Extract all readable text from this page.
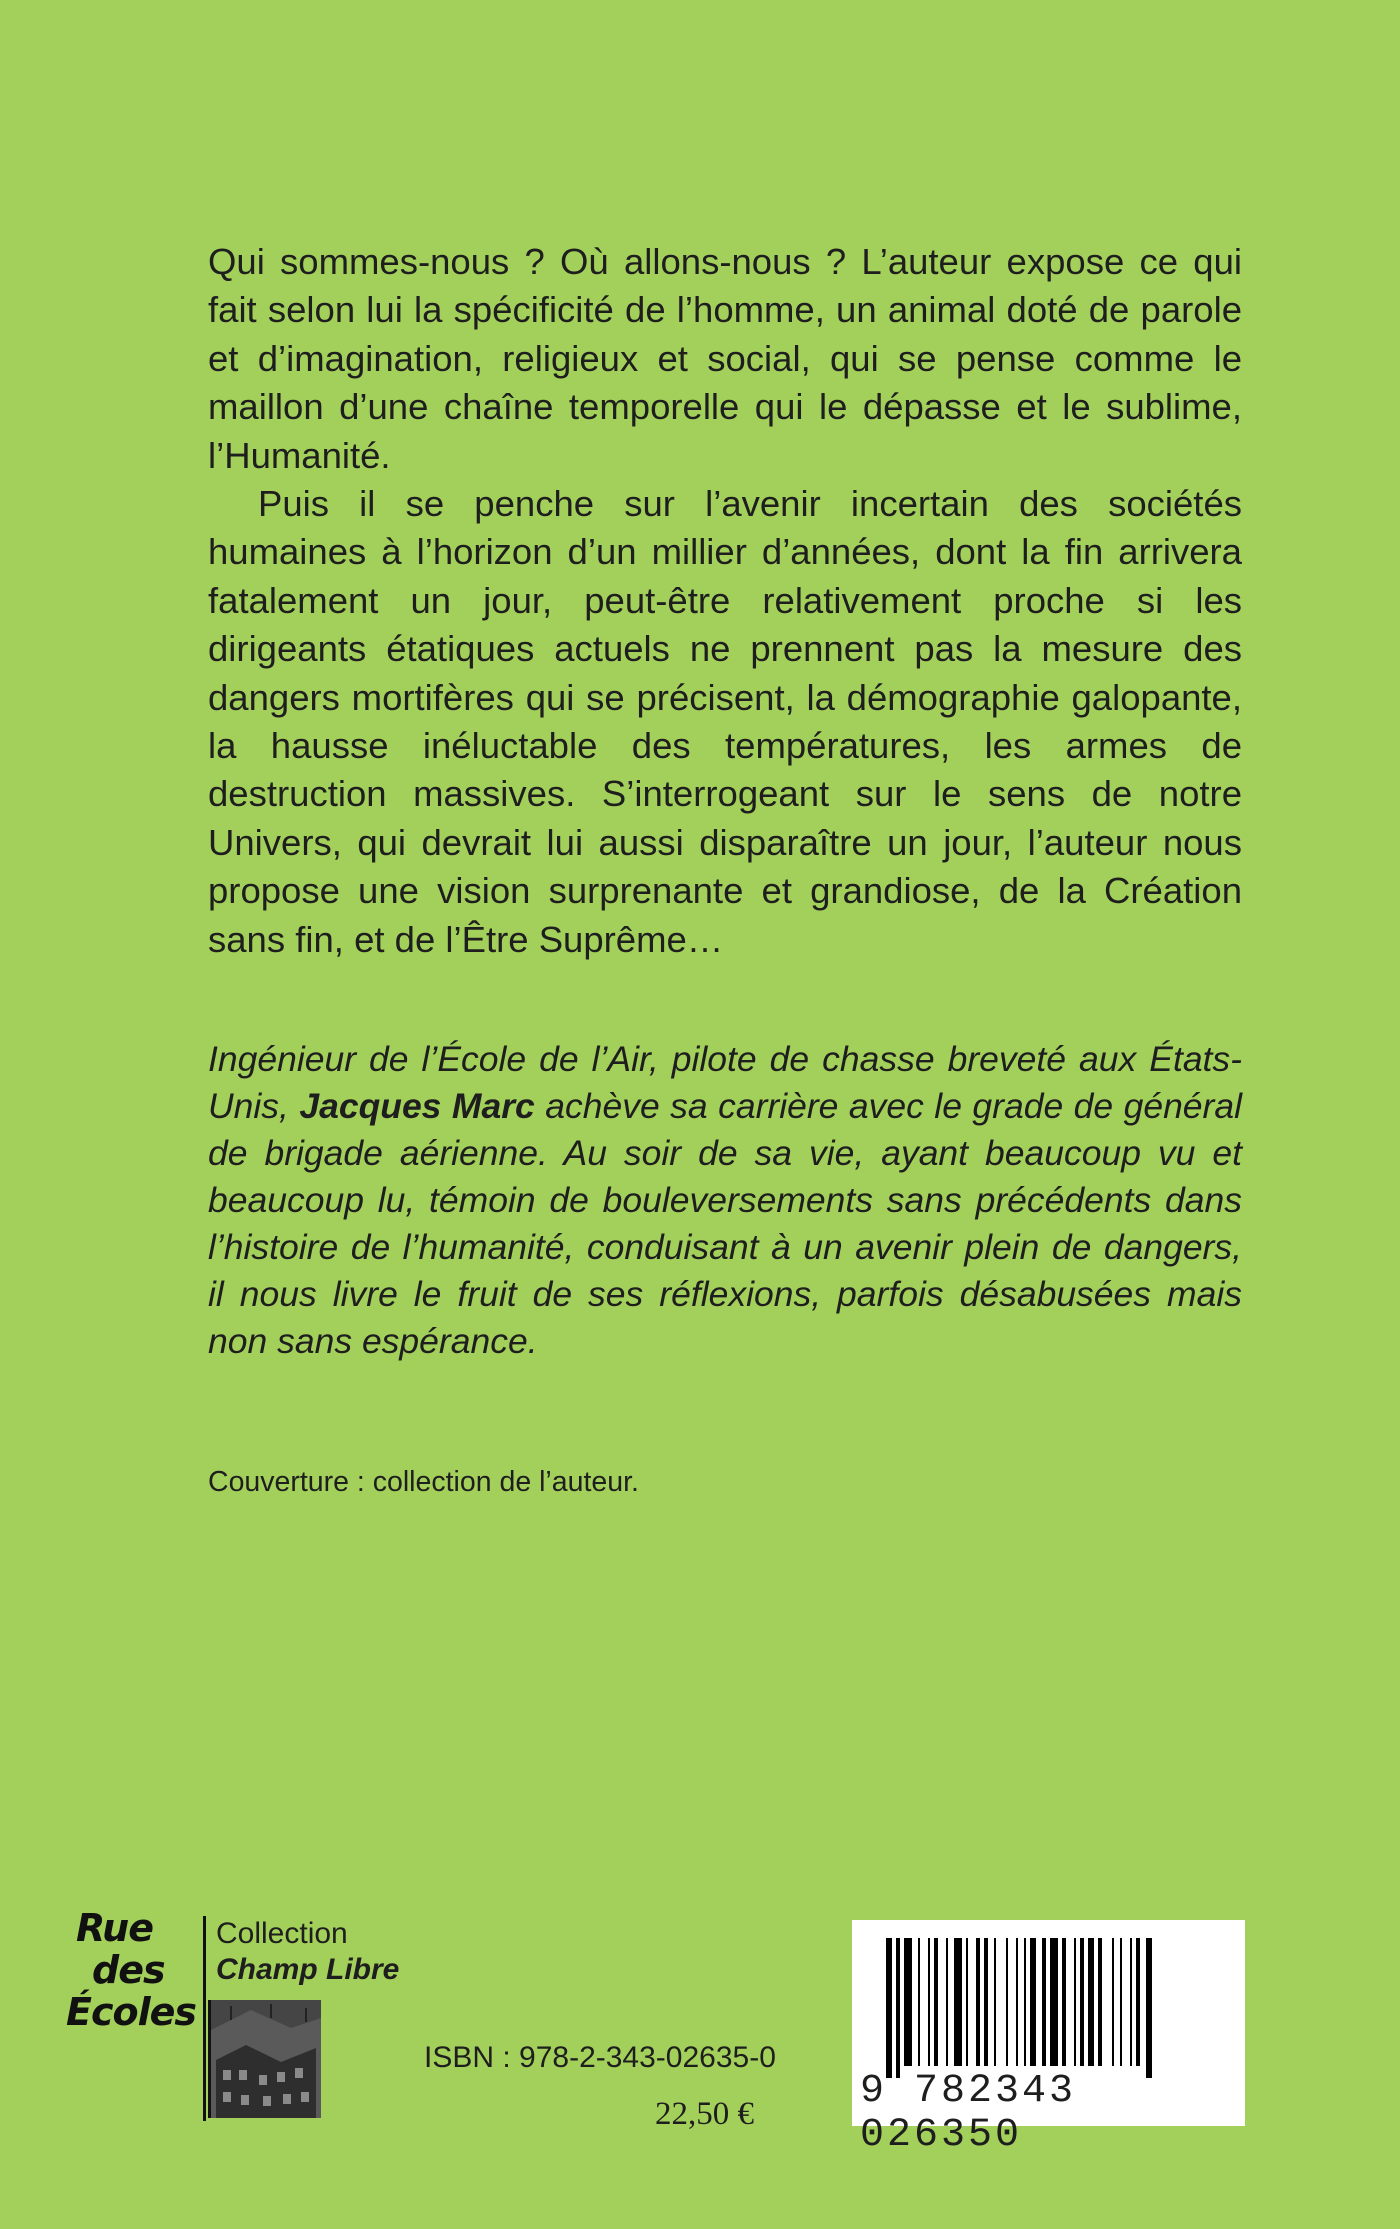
Qui sommes-nous ? Où allons-nous ? L’auteur expose ce qui fait selon lui la spécificité de l’homme, un animal doté de parole et d’imagination, religieux et social, qui se pense comme le maillon d’une chaîne temporelle qui le dépasse et le sublime, l’Humanité.

Puis il se penche sur l’avenir incertain des sociétés humaines à l’horizon d’un millier d’années, dont la fin arrivera fatalement un jour, peut-être relativement proche si les dirigeants étatiques actuels ne prennent pas la mesure des dangers mortifères qui se précisent, la démographie galopante, la hausse inéluctable des températures, les armes de destruction massives. S’interrogeant sur le sens de notre Univers, qui devrait lui aussi disparaître un jour, l’auteur nous propose une vision surprenante et grandiose, de la Création sans fin, et de l’Être Suprême…

Ingénieur de l’École de l’Air, pilote de chasse breveté aux États-Unis, Jacques Marc achève sa carrière avec le grade de général de brigade aérienne. Au soir de sa vie, ayant beaucoup vu et beaucoup lu, témoin de bouleversements sans précédents dans l’histoire de l’humanité, conduisant à un avenir plein de dangers, il nous livre le fruit de ses réflexions, parfois désabusées mais non sans espérance.
Couverture : collection de l’auteur.
Rue
des
Écoles
Collection
Champ Libre
ISBN : 978-2-343-02635-0
22,50 €	9 782343 026350
